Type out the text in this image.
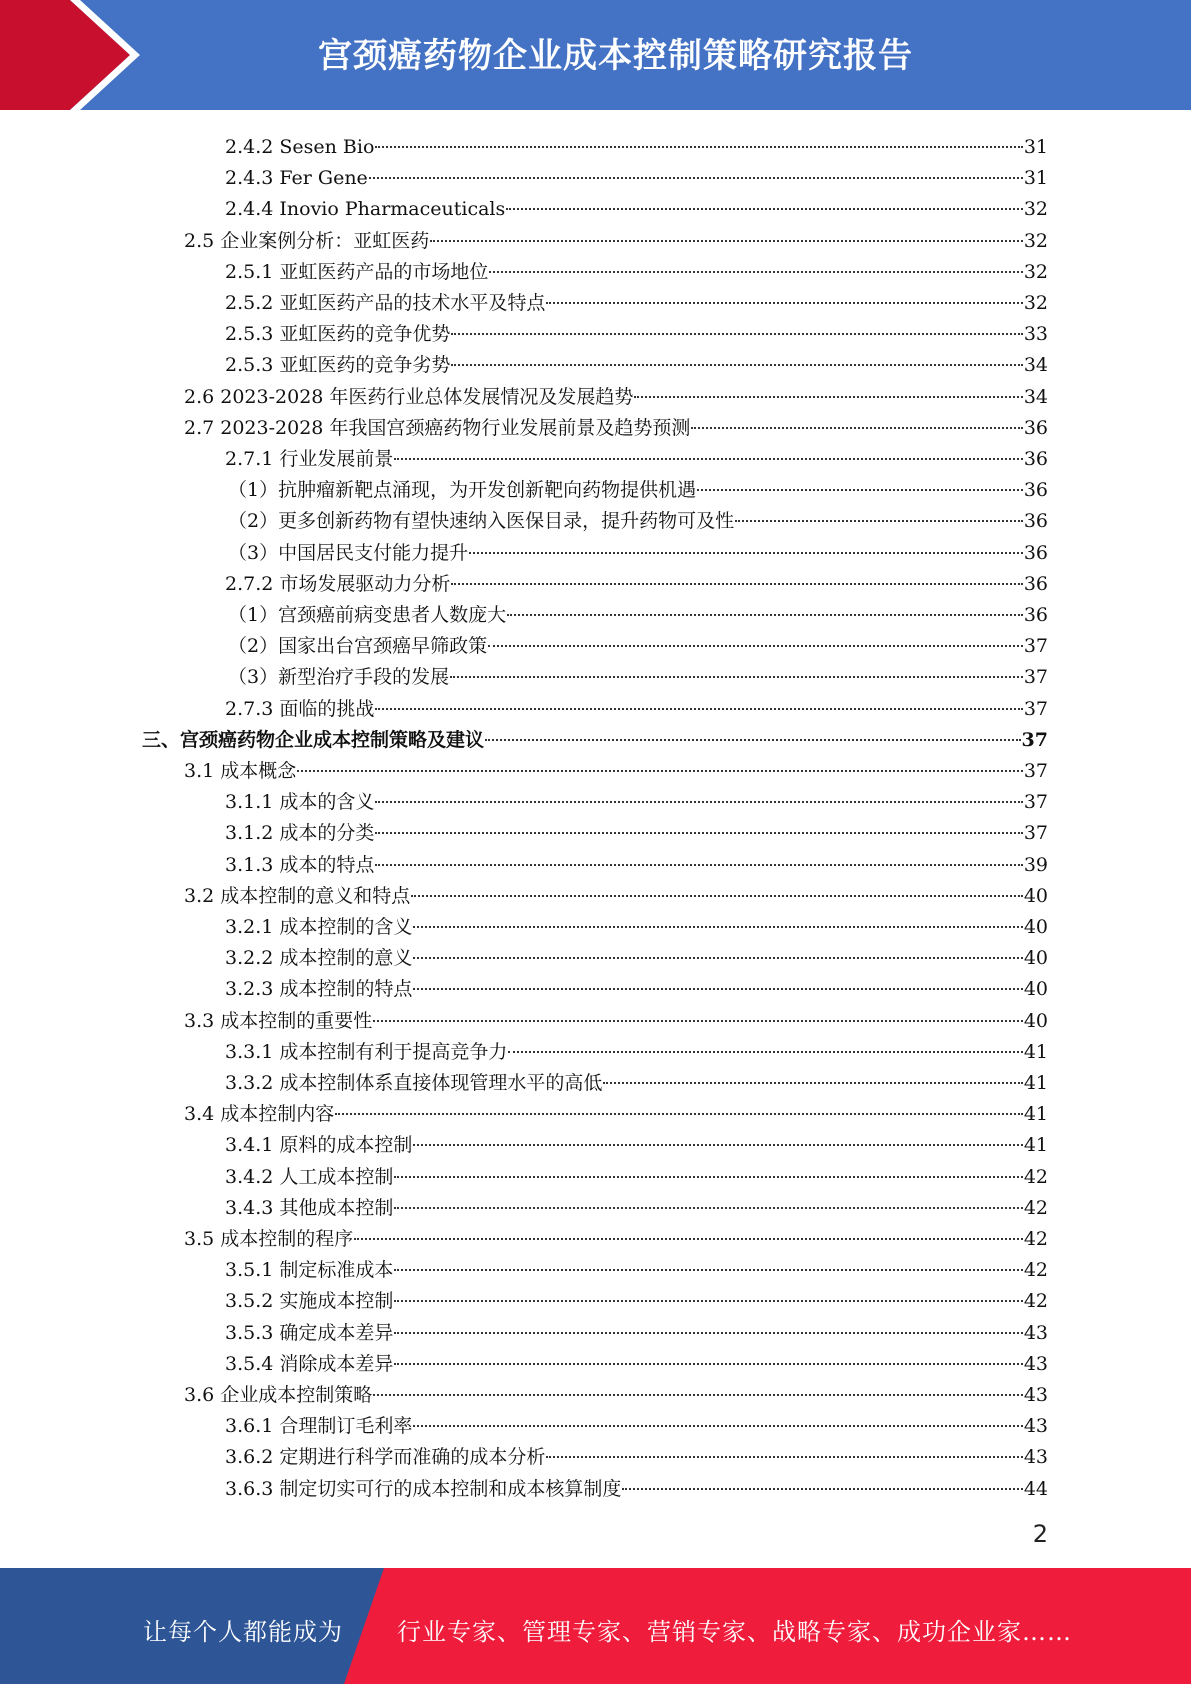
宫颈癌药物企业成本控制策略研究报告
2.4.2 Sesen Bio	31
2.4.3 Fer Gene	31
2.4.4 Inovio Pharmaceuticals	32
2.5 企业案例分析：亚虹医药	32
2.5.1 亚虹医药产品的市场地位	32
2.5.2 亚虹医药产品的技术水平及特点	32
2.5.3 亚虹医药的竞争优势	33
2.5.3 亚虹医药的竞争劣势	34
2.6 2023-2028 年医药行业总体发展情况及发展趋势	34
2.7 2023-2028 年我国宫颈癌药物行业发展前景及趋势预测	36
2.7.1 行业发展前景	36
（1）抗肿瘤新靶点涌现，为开发创新靶向药物提供机遇	36
（2）更多创新药物有望快速纳入医保目录，提升药物可及性	36
（3）中国居民支付能力提升	36
2.7.2 市场发展驱动力分析	36
（1）宫颈癌前病变患者人数庞大	36
（2）国家出台宫颈癌早筛政策	37
（3）新型治疗手段的发展	37
2.7.3 面临的挑战	37
三、宫颈癌药物企业成本控制策略及建议	37
3.1 成本概念	37
3.1.1 成本的含义	37
3.1.2 成本的分类	37
3.1.3 成本的特点	39
3.2 成本控制的意义和特点	40
3.2.1 成本控制的含义	40
3.2.2 成本控制的意义	40
3.2.3 成本控制的特点	40
3.3 成本控制的重要性	40
3.3.1 成本控制有利于提高竞争力	41
3.3.2 成本控制体系直接体现管理水平的高低	41
3.4 成本控制内容	41
3.4.1 原料的成本控制	41
3.4.2 人工成本控制	42
3.4.3 其他成本控制	42
3.5 成本控制的程序	42
3.5.1 制定标准成本	42
3.5.2 实施成本控制	42
3.5.3 确定成本差异	43
3.5.4 消除成本差异	43
3.6 企业成本控制策略	43
3.6.1 合理制订毛利率	43
3.6.2 定期进行科学而准确的成本分析	43
3.6.3 制定切实可行的成本控制和成本核算制度	44
2
让每个人都能成为 行业专家、管理专家、营销专家、战略专家、成功企业家……
